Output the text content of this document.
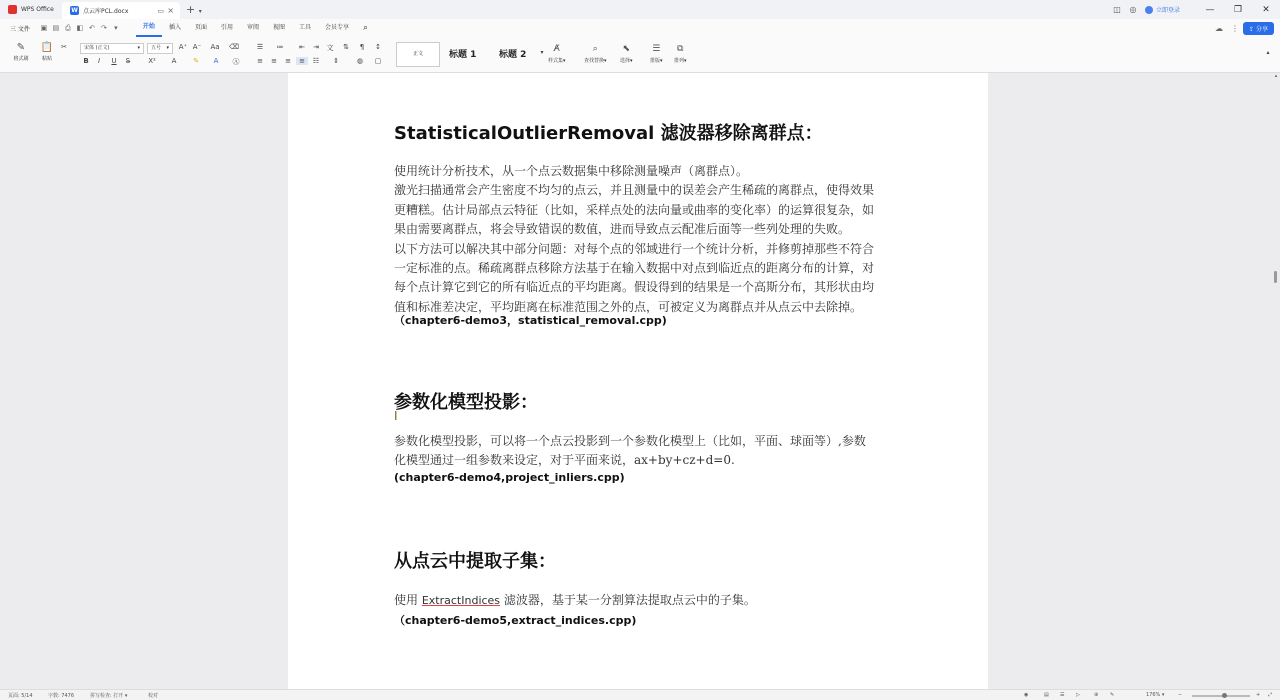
WPS Office	W 点云库PCL.docx	▭ × + ▾	◫	◎	立即登录	—	❐	✕
三 文件	▣ ▤ ⎙ ◧ ↶ ↷	▾	开始	插入	页面	引用	审阅	视图	工具	会员专享	⌕	☁	⋮	⇪ 分享
✎
格式刷
📋
粘贴
✂	宋体 (正文)	▾	五号 ▾ A⁺ A⁻ Aa ⌫
B	I	U	S̶	X²	A	✎	A	Ⓐ
☰	≔	⇤	⇥	文	⇅	¶	↕
≡	≡	≡	≡	☷	⇕	◍	▢
正文	标题 1	标题 2	▾	A̸
样式集▾
⌕
查找替换▾
⬉
选择▾
☰
排版▾
⧉
排列▾
▴
StatisticalOutlierRemoval 滤波器移除离群点：
使用统计分析技术，从一个点云数据集中移除测量噪声（离群点）。
激光扫描通常会产生密度不均匀的点云，并且测量中的误差会产生稀疏的离群点，使得效果
更糟糕。估计局部点云特征（比如，采样点处的法向量或曲率的变化率）的运算很复杂，如
果由需要离群点，将会导致错误的数值，进而导致点云配准后面等一些列处理的失败。
以下方法可以解决其中部分问题：对每个点的邻域进行一个统计分析，并修剪掉那些不符合
一定标准的点。稀疏离群点移除方法基于在输入数据中对点到临近点的距离分布的计算，对
每个点计算它到它的所有临近点的平均距离。假设得到的结果是一个高斯分布，其形状由均
值和标准差决定，平均距离在标准范围之外的点，可被定义为离群点并从点云中去除掉。
（chapter6-demo3，statistical_removal.cpp)
参数化模型投影：
Ⅰ
参数化模型投影，可以将一个点云投影到一个参数化模型上（比如，平面、球面等）,参数
化模型通过一组参数来设定，对于平面来说，ax+by+cz+d=0.
(chapter6-demo4,project_inliers.cpp)
从点云中提取子集：
使用 ExtractIndices 滤波器，基于某一分割算法提取点云中的子集。
（chapter6-demo5,extract_indices.cpp)
▴
页面: 5/14	字数: 7476	拼写检查: 打开 ▾	校对	◉	▤ ☰ ▷	⊕ ✎	176% ▾	−	+ ⤢
